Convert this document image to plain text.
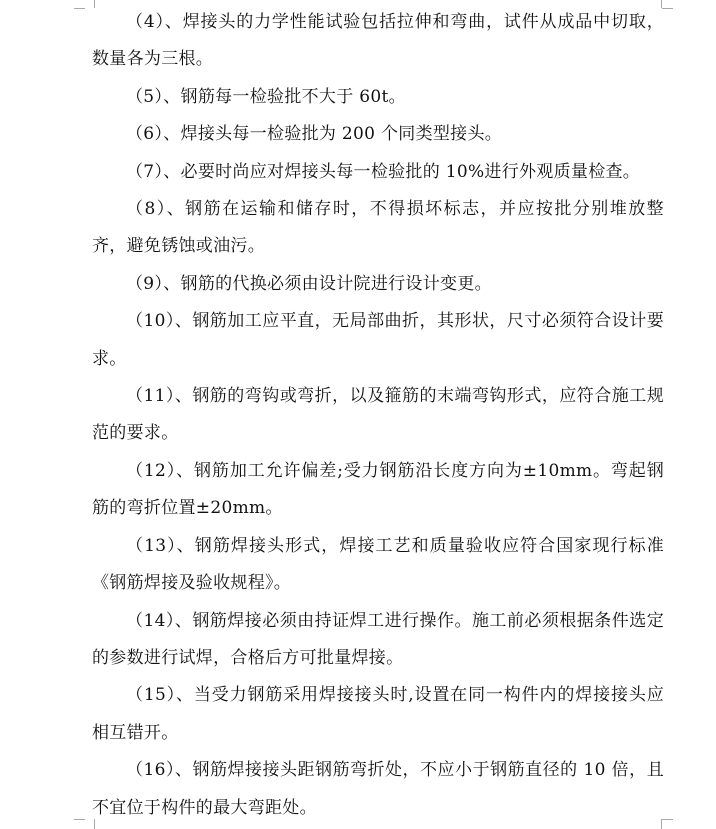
（4）、焊接头的力学性能试验包括拉伸和弯曲，试件从成品中切取，数量各为三根。

（5）、钢筋每一检验批不大于 60t。

（6）、焊接头每一检验批为 200 个同类型接头。

（7）、必要时尚应对焊接头每一检验批的 10%进行外观质量检查。

（8）、钢筋在运输和储存时，不得损坏标志，并应按批分别堆放整齐，避免锈蚀或油污。

（9）、钢筋的代换必须由设计院进行设计变更。

（10）、钢筋加工应平直，无局部曲折，其形状，尺寸必须符合设计要求。

（11）、钢筋的弯钩或弯折，以及箍筋的末端弯钩形式，应符合施工规范的要求。

（12）、钢筋加工允许偏差;受力钢筋沿长度方向为±10mm。弯起钢筋的弯折位置±20mm。

（13）、钢筋焊接头形式，焊接工艺和质量验收应符合国家现行标准《钢筋焊接及验收规程》。

（14）、钢筋焊接必须由持证焊工进行操作。施工前必须根据条件选定的参数进行试焊，合格后方可批量焊接。

（15）、当受力钢筋采用焊接接头时,设置在同一构件内的焊接接头应相互错开。

（16）、钢筋焊接接头距钢筋弯折处，不应小于钢筋直径的 10 倍，且不宜位于构件的最大弯距处。
